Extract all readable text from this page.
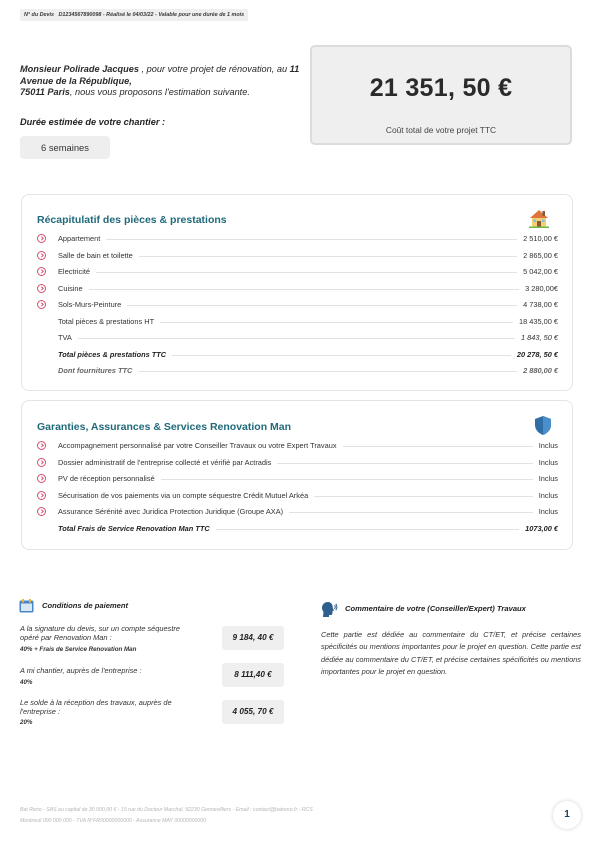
N° du Devis D1234567890098 - Réalisé le 04/03/22 - Valable pour une durée de 1 mois
Monsieur Polirade Jacques , pour votre projet de rénovation, au 11 Avenue de la République,
75011 Paris, nous vous proposons l'estimation suivante.
Durée estimée de votre chantier :
6 semaines
21 351, 50 €
Coût total de votre projet TTC
Récapitulatif des pièces & prestations
Appartement	2 510,00 €
Salle de bain et toilette	2 865,00 €
Electricité	5 042,00 €
Cuisine	3 280,00€
Sols-Murs-Peinture	4 738,00 €
Total pièces & prestations HT	18 435,00 €
TVA	1 843, 50 €
Total pièces & prestations TTC	20 278, 50 €
Dont fournitures TTC	2 880,00 €
Garanties, Assurances & Services Renovation Man
Accompagnement personnalisé par votre Conseiller Travaux ou votre Expert Travaux	Inclus
Dossier administratif de l'entreprise collecté et vérifié par Actradis	Inclus
PV de réception personnalisé	Inclus
Sécurisation de vos paiements via un compte séquestre Crédit Mutuel Arkéa	Inclus
Assurance Sérénité avec Juridica Protection Juridique (Groupe AXA)	Inclus
Total Frais de Service Renovation Man TTC	1073,00 €
Conditions de paiement
A la signature du devis, sur un compte séquestre opéré par Renovation Man :
40% + Frais de Service Renovation Man
9 184, 40 €
A mi chantier, auprès de l'entreprise :
40%
8 111,40 €
Le solde à la réception des travaux, auprès de l'entreprise :
20%
4 055, 70 €
Commentaire de votre (Conseiller/Expert) Travaux
Cette partie est dédiée au commentaire du CT/ET, et précise certaines spécificités ou mentions importantes pour le projet en question. Cette partie est dédiée au commentaire du CT/ET, et précise certaines spécificités ou mentions importantes pour le projet en question.
Bat Reno - SAS au capital de 30 000,00 € - 15 rue du Docteur Marchal, 92230 Gennevilliers - Email : contact@batreno.fr - RCS
Montreuil 000 000 000 - TVA N°FR00000000000 - Assurance MAY 00000000000
1
